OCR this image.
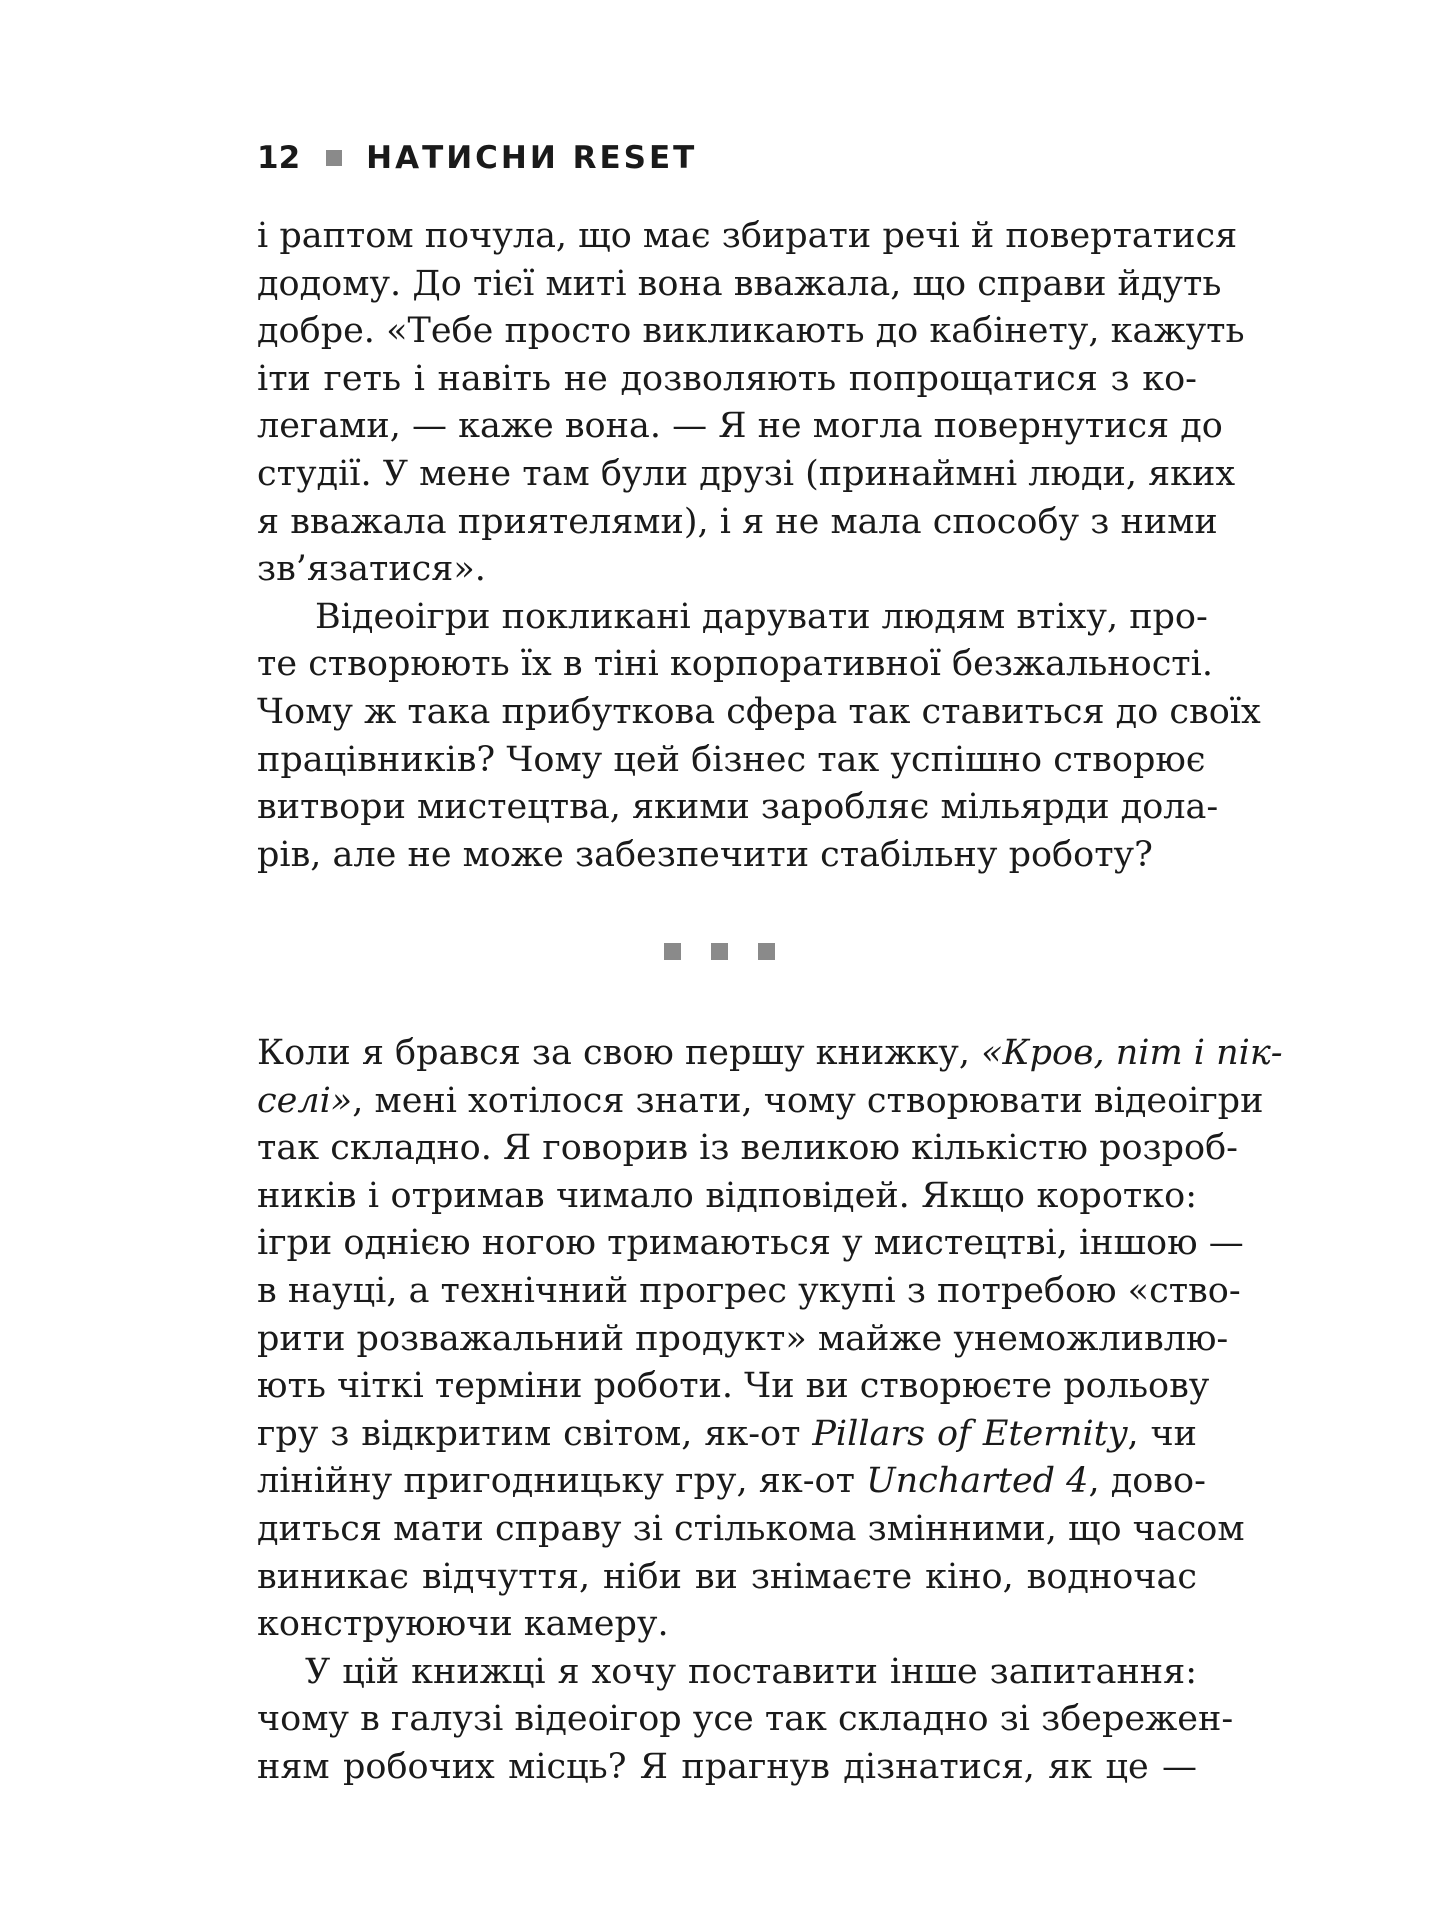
12 НАТИСНИ RESET
і раптом почула, що має збирати речі й повертатися
додому. До тієї миті вона вважала, що справи йдуть
добре. «Тебе просто викликають до кабінету, кажуть
іти геть і навіть не дозволяють попрощатися з ко-
легами, — каже вона. — Я не могла повернутися до
студії. У мене там були друзі (принаймні люди, яких
я вважала приятелями), і я не мала способу з ними
зв’язатися».
Відеоігри покликані дарувати людям втіху, про-
те створюють їх в тіні корпоративної безжальності.
Чому ж така прибуткова сфера так ставиться до своїх
працівників? Чому цей бізнес так успішно створює
витвори мистецтва, якими заробляє мільярди дола-
рів, але не може забезпечити стабільну роботу?
Коли я брався за свою першу книжку, «Кров, піт і пік-
селі», мені хотілося знати, чому створювати відеоігри
так складно. Я говорив із великою кількістю розроб-
ників і отримав чимало відповідей. Якщо коротко:
ігри однією ногою тримаються у мистецтві, іншою —
в науці, а технічний прогрес укупі з потребою «ство-
рити розважальний продукт» майже унеможливлю-
ють чіткі терміни роботи. Чи ви створюєте рольову
гру з відкритим світом, як-от Pillars of Eternity, чи
лінійну пригодницьку гру, як-от Uncharted 4, дово-
диться мати справу зі стількома змінними, що часом
виникає відчуття, ніби ви знімаєте кіно, водночас
конструюючи камеру.
У цій книжці я хочу поставити інше запитання:
чому в галузі відеоігор усе так складно зі збережен-
ням робочих місць? Я прагнув дізнатися, як це —
